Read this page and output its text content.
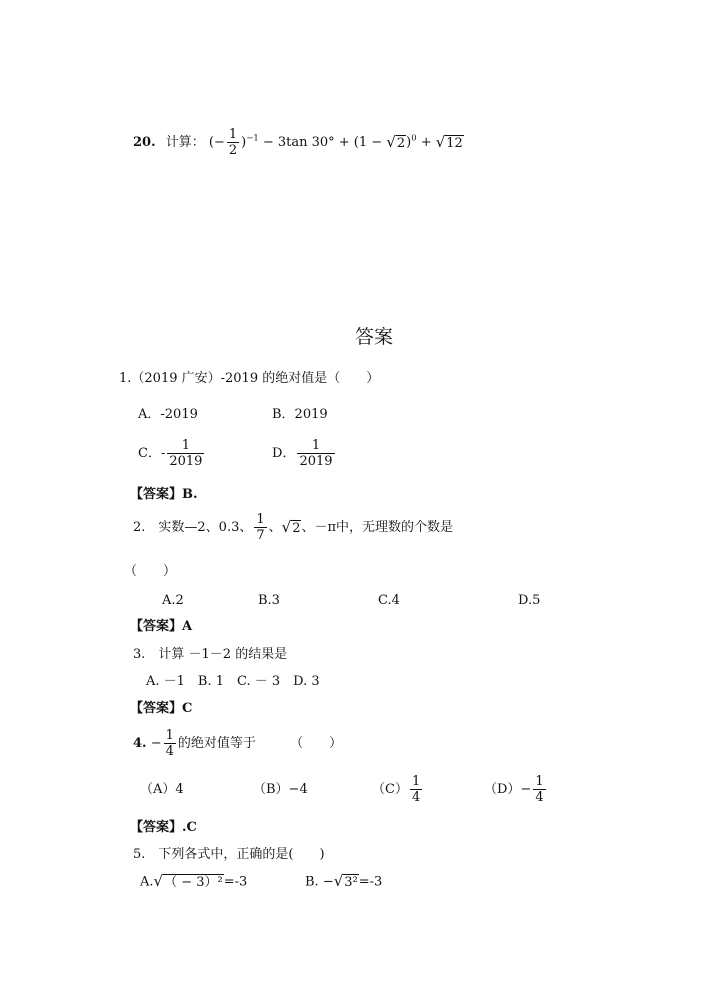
20. 计算： (− $\frac{1}{2} )^{-1} - 3\tan$ 30° + (1 − √ 2 )$^0$ + √ 12
答案
1.（2019 广安）-2019 的绝对值是（　　）
A．-2019	B．2019
C．- $\frac{1}{2019}$	D． $\frac{1}{2019}$
【答案】B.
2.　实数—2、0.3、 $\frac{1}{7}$ 、 √ 2 、－π中，无理数的个数是
（　　）
A.2	B.3	C.4	D.5
【答案】A
3.　计算 －1－2 的结果是
A. －1　B. 1　C. － 3　D. 3
【答案】C
4. − $\frac{1}{4}$ 的绝对值等于	（　　）
（A）4	（B）−4	$(C) \frac{1}{4}$	$(D)- \frac{1}{4}$
【答案】.C
5.　下列各式中，正确的是(　　)
A. √ （ − 3）² =-3	B. − √ 3² =-3
